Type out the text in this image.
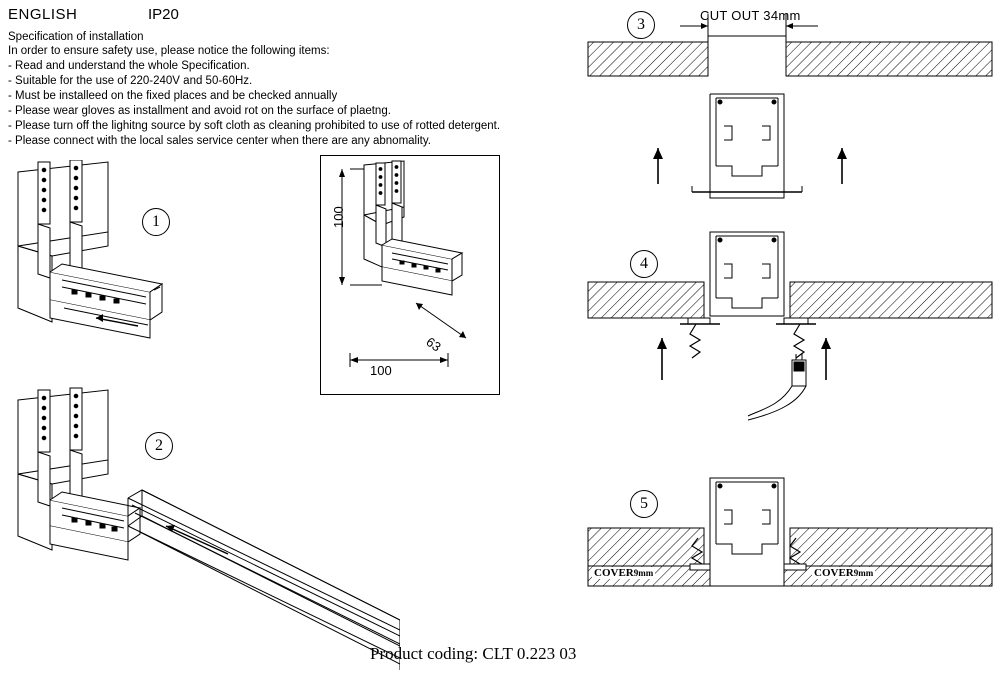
ENGLISH	IP20
Specification of installation
In order to ensure safety use, please notice the following items:
- Read and understand the whole Specification.
- Suitable for the use of 220-240V and 50-60Hz.
- Must be installeed on the fixed places and be checked annually
- Please wear gloves as installment and avoid rot on the surface of plaetng.
- Please turn off the lighitng source by soft cloth as cleaning prohibited to use of rotted detergent.
- Please connect with the local sales service center when there are any abnomality.
1	100
100
63
2
CUT OUT 34mm
3
4
5
COVER9mm	COVER9mm
Product coding: CLT 0.223 03
